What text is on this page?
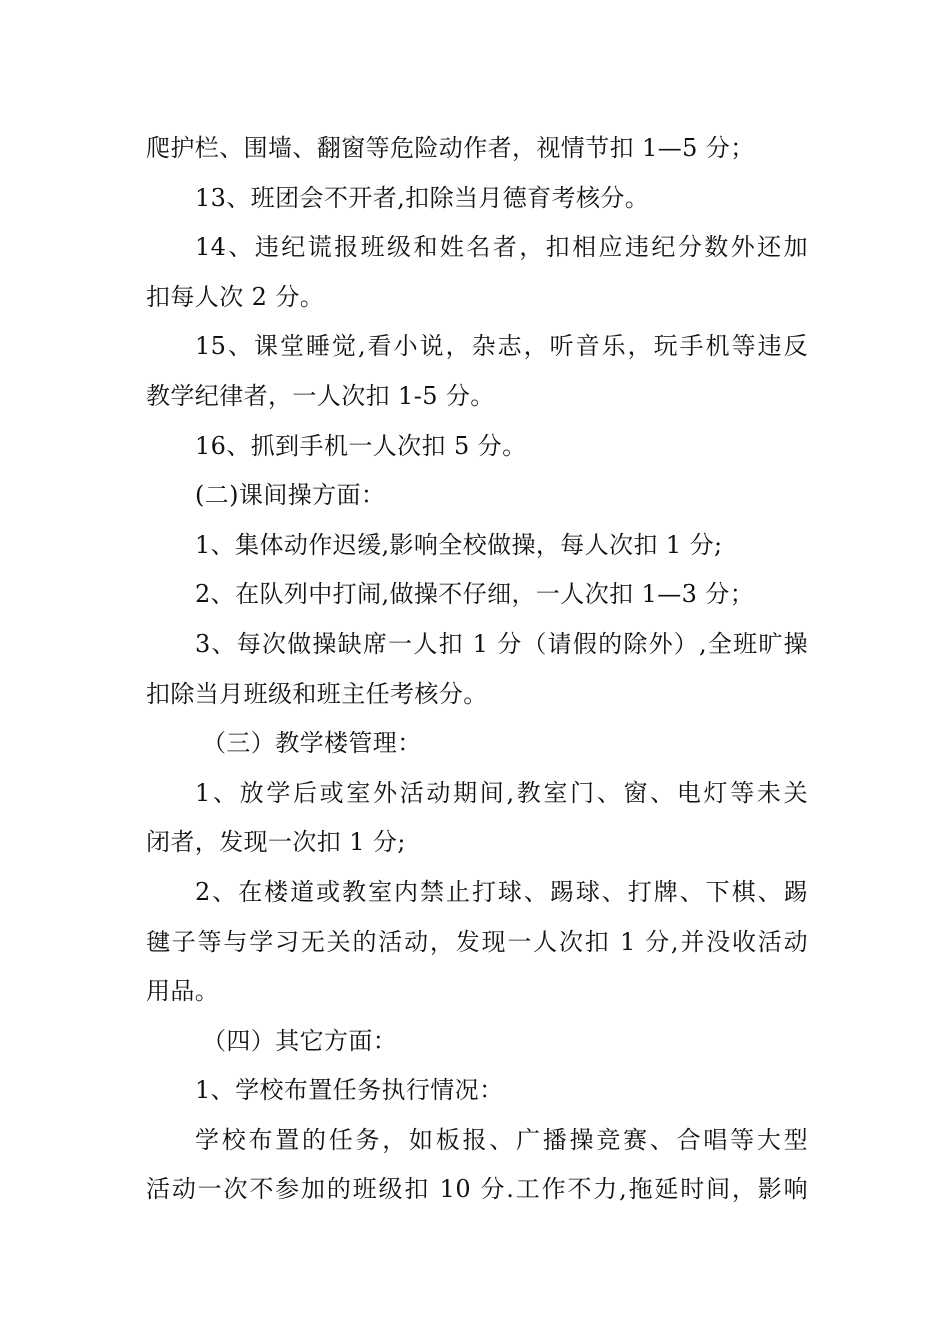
爬护栏、围墙、翻窗等危险动作者，视情节扣 1—5 分；
13、班团会不开者,扣除当月德育考核分。
14、违纪谎报班级和姓名者，扣相应违纪分数外还加
扣每人次 2 分。
15、课堂睡觉,看小说，杂志，听音乐，玩手机等违反
教学纪律者，一人次扣 1-5 分。
16、抓到手机一人次扣 5 分。
(二)课间操方面：
1、集体动作迟缓,影响全校做操，每人次扣 1 分;
2、在队列中打闹,做操不仔细，一人次扣 1—3 分；
3、每次做操缺席一人扣 1 分（请假的除外）,全班旷操
扣除当月班级和班主任考核分。
（三）教学楼管理：
1、放学后或室外活动期间,教室门、窗、电灯等未关
闭者，发现一次扣 1 分;
2、在楼道或教室内禁止打球、踢球、打牌、下棋、踢
毽子等与学习无关的活动，发现一人次扣 1 分,并没收活动
用品。
（四）其它方面：
1、学校布置任务执行情况：
学校布置的任务，如板报、广播操竞赛、合唱等大型
活动一次不参加的班级扣 10 分.工作不力,拖延时间，影响
